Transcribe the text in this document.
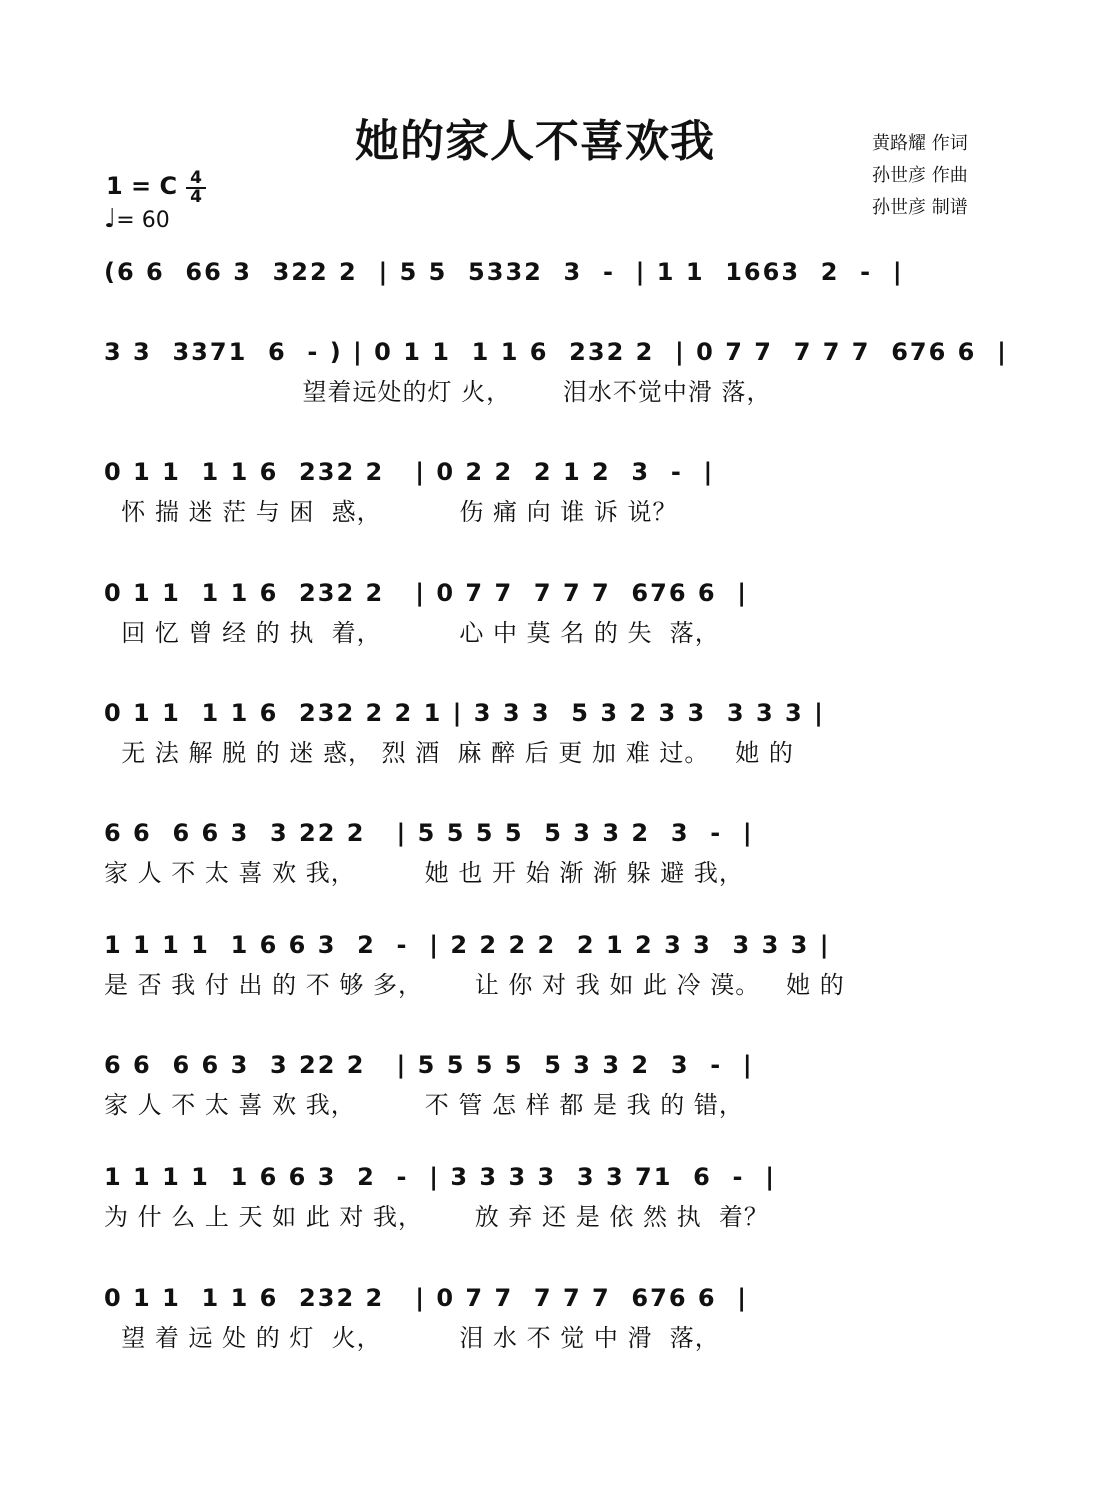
她的家人不喜欢我	黄路耀 作词
孙世彦 作曲
孙世彦 制谱
1 = C 4
4
♩= 60
(6 6  66 3  322 2  | 5 5  5332  3  -  | 1 1  1663  2  -  |
3 3  3371  6  - ) | 0 1 1  1 1 6  232 2  | 0 7 7  7 7 7  676 6  |
望着远处的灯 火，      泪水不觉中滑 落，
0 1 1  1 1 6  232 2   | 0 2 2  2 1 2  3  -  |
怀 揣 迷 茫 与 困  惑，         伤 痛 向 谁 诉 说？
0 1 1  1 1 6  232 2   | 0 7 7  7 7 7  676 6  |
回 忆 曾 经 的 执  着，         心 中 莫 名 的 失  落，
0 1 1  1 1 6  232 2 2 1 | 3 3 3  5 3 2 3 3  3 3 3 |
无 法 解 脱 的 迷 惑， 烈 酒  麻 醉 后 更 加 难 过。   她 的
6 6  6 6 3  3 22 2   | 5 5 5 5  5 3 3 2  3  -  |
家 人 不 太 喜 欢 我，        她 也 开 始 渐 渐 躲 避 我，
1 1 1 1  1 6 6 3  2  -  | 2 2 2 2  2 1 2 3 3  3 3 3 |
是 否 我 付 出 的 不 够 多，      让 你 对 我 如 此 冷 漠。   她 的
6 6  6 6 3  3 22 2   | 5 5 5 5  5 3 3 2  3  -  |
家 人 不 太 喜 欢 我，        不 管 怎 样 都 是 我 的 错，
1 1 1 1  1 6 6 3  2  -  | 3 3 3 3  3 3 71  6  -  |
为 什 么 上 天 如 此 对 我，      放 弃 还 是 依 然 执  着？
0 1 1  1 1 6  232 2   | 0 7 7  7 7 7  676 6  |
望 着 远 处 的 灯  火，         泪 水 不 觉 中 滑  落，
